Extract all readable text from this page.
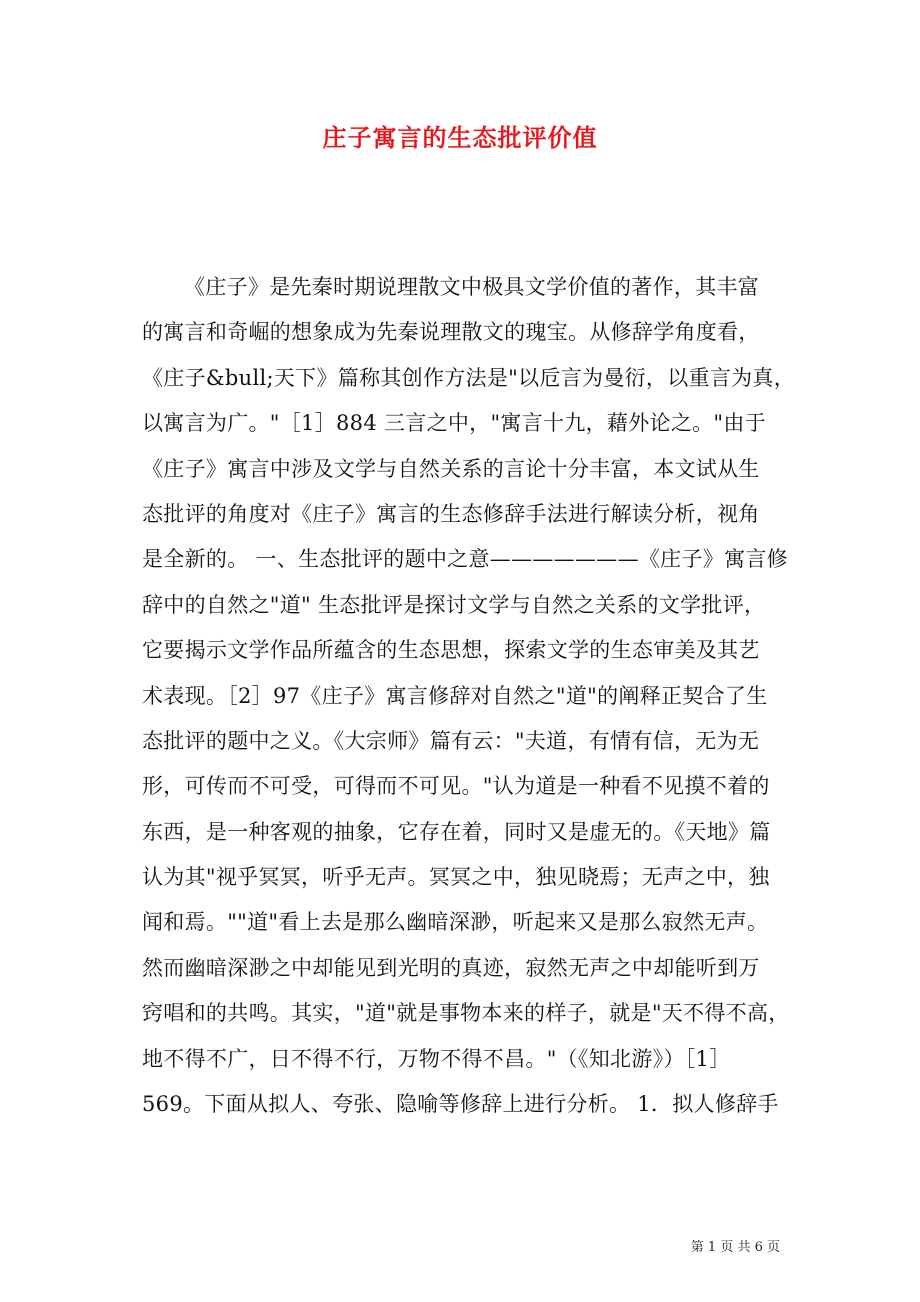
庄子寓言的生态批评价值
《庄子》是先秦时期说理散文中极具文学价值的著作，其丰富
的寓言和奇崛的想象成为先秦说理散文的瑰宝。从修辞学角度看，
《庄子&bull;天下》篇称其创作方法是"以卮言为曼衍，以重言为真，
以寓言为广。"［1］884 三言之中，"寓言十九，藉外论之。"由于
《庄子》寓言中涉及文学与自然关系的言论十分丰富，本文试从生
态批评的角度对《庄子》寓言的生态修辞手法进行解读分析，视角
是全新的。 一、生态批评的题中之意———————《庄子》寓言修
辞中的自然之"道" 生态批评是探讨文学与自然之关系的文学批评，
它要揭示文学作品所蕴含的生态思想，探索文学的生态审美及其艺
术表现。［2］97《庄子》寓言修辞对自然之"道"的阐释正契合了生
态批评的题中之义。《大宗师》篇有云："夫道，有情有信，无为无
形，可传而不可受，可得而不可见。"认为道是一种看不见摸不着的
东西，是一种客观的抽象，它存在着，同时又是虚无的。《天地》篇
认为其"视乎冥冥，听乎无声。冥冥之中，独见晓焉；无声之中，独
闻和焉。""道"看上去是那么幽暗深渺，听起来又是那么寂然无声。
然而幽暗深渺之中却能见到光明的真迹，寂然无声之中却能听到万
窍唱和的共鸣。其实，"道"就是事物本来的样子，就是"天不得不高，
地不得不广，日不得不行，万物不得不昌。"（《知北游》）［1］
569。下面从拟人、夸张、隐喻等修辞上进行分析。 1．拟人修辞手
第 1 页 共 6 页
